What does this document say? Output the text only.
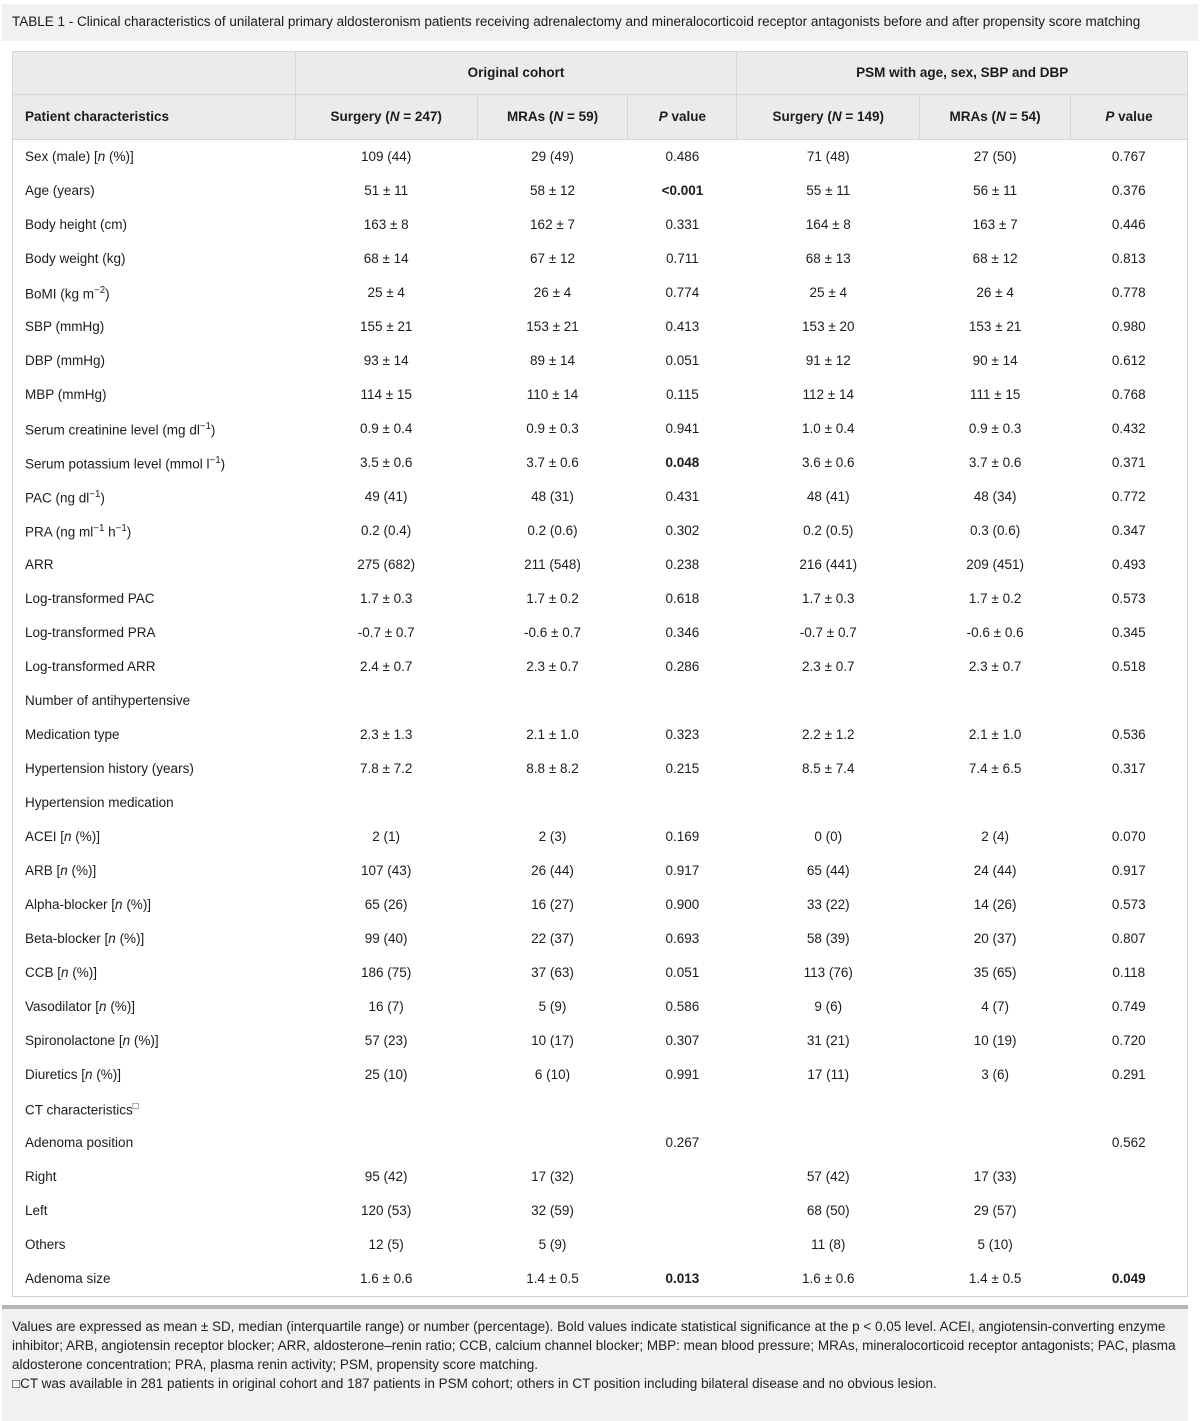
TABLE 1 - Clinical characteristics of unilateral primary aldosteronism patients receiving adrenalectomy and mineralocorticoid receptor antagonists before and after propensity score matching
	Original cohort			PSM with age, sex, SBP and DBP		
Patient characteristics	Surgery (N = 247)	MRAs (N = 59)	P value	Surgery (N = 149)	MRAs (N = 54)	P value
Sex (male) [n (%)]	109 (44)	29 (49)	0.486	71 (48)	27 (50)	0.767
Age (years)	51 ± 11	58 ± 12	<0.001	55 ± 11	56 ± 11	0.376
Body height (cm)	163 ± 8	162 ± 7	0.331	164 ± 8	163 ± 7	0.446
Body weight (kg)	68 ± 14	67 ± 12	0.711	68 ± 13	68 ± 12	0.813
BoMI (kg $m^{-2}$)	25 ± 4	26 ± 4	0.774	25 ± 4	26 ± 4	0.778
SBP (mmHg)	155 ± 21	153 ± 21	0.413	153 ± 20	153 ± 21	0.980
DBP (mmHg)	93 ± 14	89 ± 14	0.051	91 ± 12	90 ± 14	0.612
MBP (mmHg)	114 ± 15	110 ± 14	0.115	112 ± 14	111 ± 15	0.768
Serum creatinine level (mg $dl^{-1}$)	0.9 ± 0.4	0.9 ± 0.3	0.941	1.0 ± 0.4	0.9 ± 0.3	0.432
Serum potassium level (mmol $l^{-1}$)	3.5 ± 0.6	3.7 ± 0.6	0.048	3.6 ± 0.6	3.7 ± 0.6	0.371
PAC (ng $dl^{-1}$)	49 (41)	48 (31)	0.431	48 (41)	48 (34)	0.772
PRA (ng $ml^{-1}$ $h^{-1}$)	0.2 (0.4)	0.2 (0.6)	0.302	0.2 (0.5)	0.3 (0.6)	0.347
ARR	275 (682)	211 (548)	0.238	216 (441)	209 (451)	0.493
Log-transformed PAC	1.7 ± 0.3	1.7 ± 0.2	0.618	1.7 ± 0.3	1.7 ± 0.2	0.573
Log-transformed PRA	-0.7 ± 0.7	-0.6 ± 0.7	0.346	-0.7 ± 0.7	-0.6 ± 0.6	0.345
Log-transformed ARR	2.4 ± 0.7	2.3 ± 0.7	0.286	2.3 ± 0.7	2.3 ± 0.7	0.518
Number of antihypertensive						
Medication type	2.3 ± 1.3	2.1 ± 1.0	0.323	2.2 ± 1.2	2.1 ± 1.0	0.536
Hypertension history (years)	7.8 ± 7.2	8.8 ± 8.2	0.215	8.5 ± 7.4	7.4 ± 6.5	0.317
Hypertension medication						
ACEI [n (%)]	2 (1)	2 (3)	0.169	0 (0)	2 (4)	0.070
ARB [n (%)]	107 (43)	26 (44)	0.917	65 (44)	24 (44)	0.917
Alpha-blocker [n (%)]	65 (26)	16 (27)	0.900	33 (22)	14 (26)	0.573
Beta-blocker [n (%)]	99 (40)	22 (37)	0.693	58 (39)	20 (37)	0.807
CCB [n (%)]	186 (75)	37 (63)	0.051	113 (76)	35 (65)	0.118
Vasodilator [n (%)]	16 (7)	5 (9)	0.586	9 (6)	4 (7)	0.749
Spironolactone [n (%)]	57 (23)	10 (17)	0.307	31 (21)	10 (19)	0.720
Diuretics [n (%)]	25 (10)	6 (10)	0.991	17 (11)	3 (6)	0.291
CT characteristics□						
Adenoma position			0.267			0.562
Right	95 (42)	17 (32)		57 (42)	17 (33)	
Left	120 (53)	32 (59)		68 (50)	29 (57)	
Others	12 (5)	5 (9)		11 (8)	5 (10)	
Adenoma size	1.6 ± 0.6	1.4 ± 0.5	0.013	1.6 ± 0.6	1.4 ± 0.5	0.049

Values are expressed as mean ± SD, median (interquartile range) or number (percentage). Bold values indicate statistical significance at the p < 0.05 level. ACEI, angiotensin-converting enzyme inhibitor; ARB, angiotensin receptor blocker; ARR, aldosterone–renin ratio; CCB, calcium channel blocker; MBP: mean blood pressure; MRAs, mineralocorticoid receptor antagonists; PAC, plasma aldosterone concentration; PRA, plasma renin activity; PSM, propensity score matching.

□CT was available in 281 patients in original cohort and 187 patients in PSM cohort; others in CT position including bilateral disease and no obvious lesion.
